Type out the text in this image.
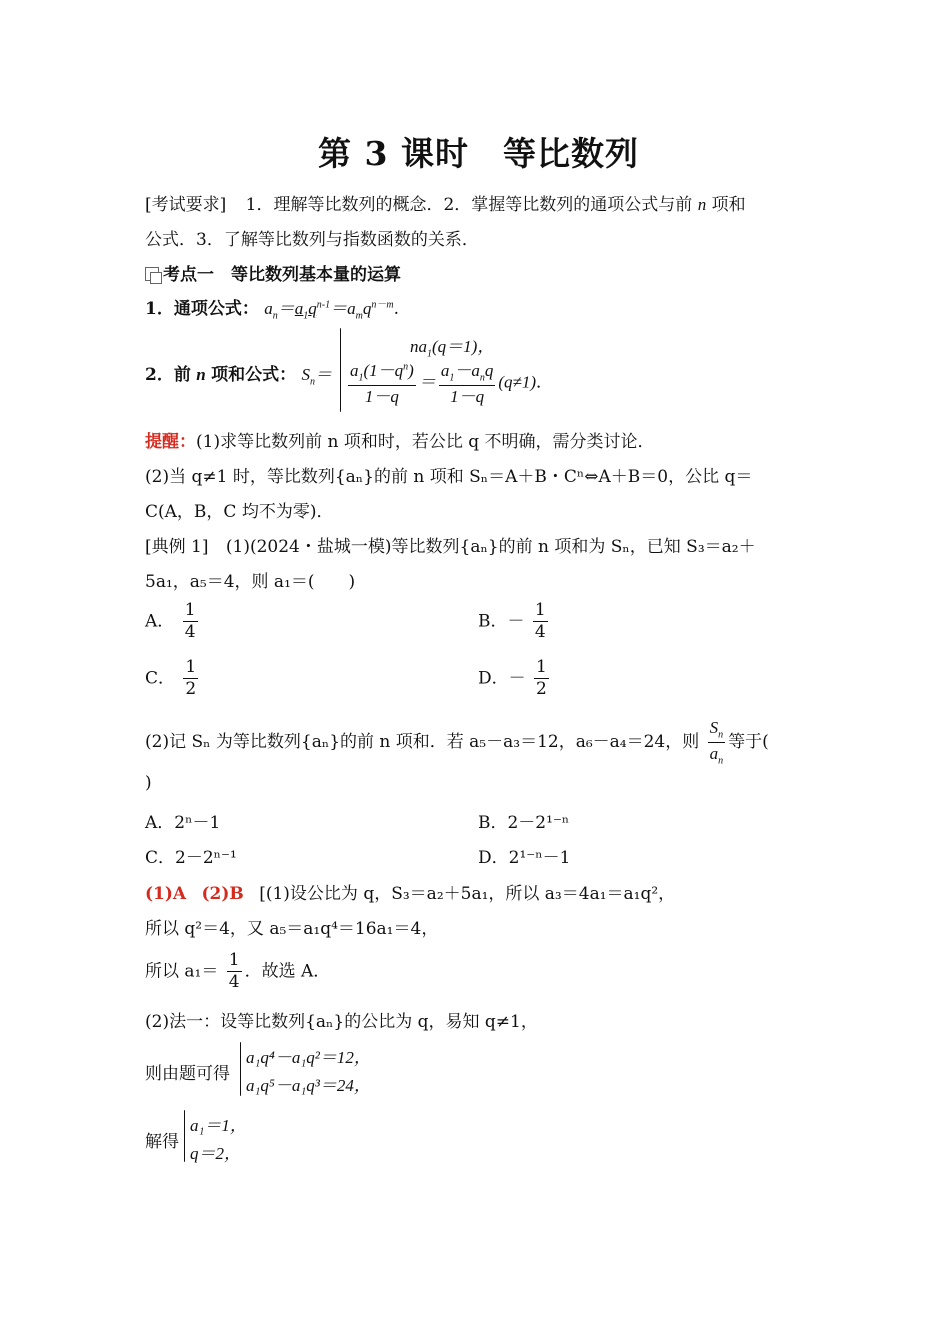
第 3 课时　等比数列
[考试要求] 1．理解等比数列的概念．2．掌握等比数列的通项公式与前 n 项和
公式．3．了解等比数列与指数函数的关系．
考点一　等比数列基本量的运算
1．通项公式： $a_n=a_1q^{n-1}=a_mq^{n-m}$.
2．前 n 项和公式： $S_n=$
$na_1(q=1)$，
$\frac{a_1(1-q^n)}{1-q} = \frac{a_1-a_nq}{1-q} (q\ne 1)$．
提醒：(1)求等比数列前 n 项和时，若公比 q 不明确，需分类讨论．
(2)当 q≠1 时，等比数列{aₙ}的前 n 项和 Sₙ＝A＋B・Cⁿ⇔A＋B＝0，公比 q＝
C(A，B，C 均不为零)．
[典例 1] (1)(2024・盐城一模)等比数列{aₙ}的前 n 项和为 Sₙ，已知 S₃＝a₂＋
5a₁，a₅＝4，则 a₁＝(　　)
A． $\frac{1}{4}$	B．－ $\frac{1}{4}$
C． $\frac{1}{2}$	D．－ $\frac{1}{2}$
(2)记 Sₙ 为等比数列{aₙ}的前 n 项和．若 a₅－a₃＝12，a₆－a₄＝24，则 $\frac{S_n}{a_n}$ 等于(
)
A．2ⁿ－1	B．2－2¹⁻ⁿ
C．2－2ⁿ⁻¹	D．2¹⁻ⁿ－1
(1)A (2)B [(1)设公比为 q，S₃＝a₂＋5a₁，所以 a₃＝4a₁＝a₁q²，
所以 q²＝4，又 a₅＝a₁q⁴＝16a₁＝4，
所以 $a_1= \frac{1}{4}$ ．故选 A．
(2)法一：设等比数列{aₙ}的公比为 q，易知 q≠1，
则由题可得
a₁q⁴－a₁q²＝12，
a₁q⁵－a₁q³＝24，
解得
a₁＝1，
q＝2，
